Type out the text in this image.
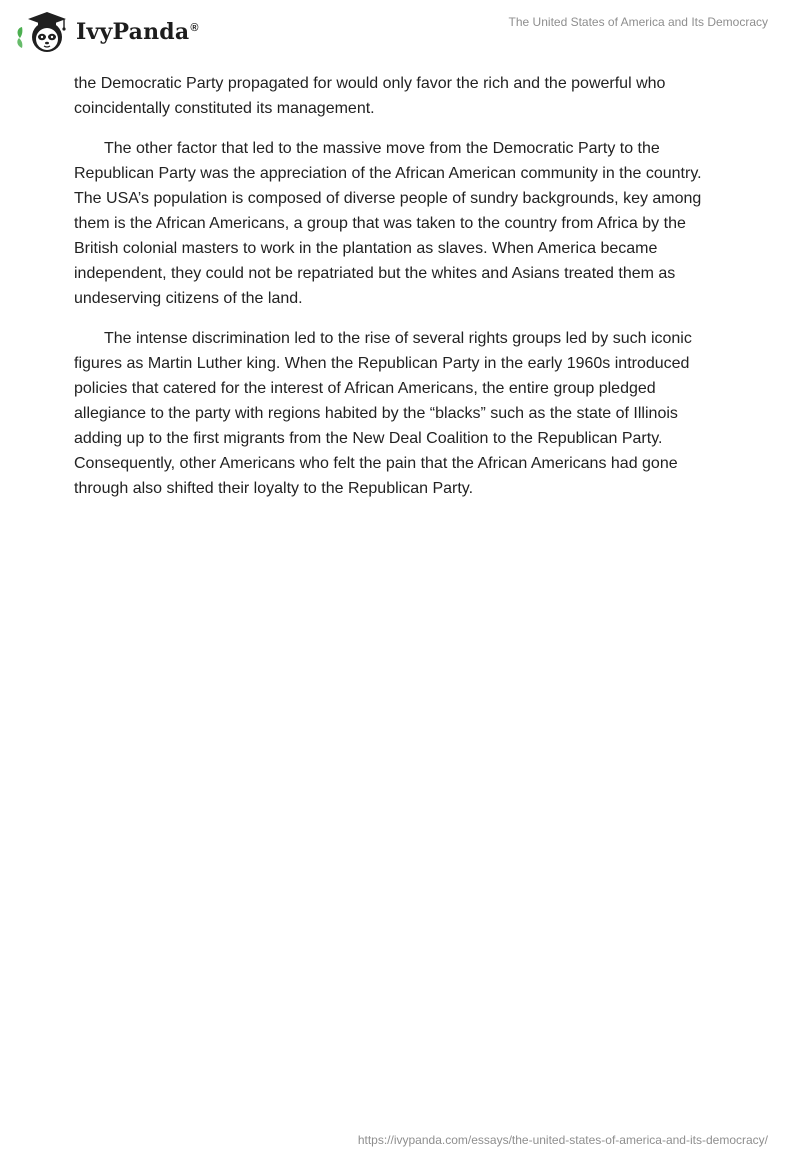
IvyPanda®	The United States of America and Its Democracy

the Democratic Party propagated for would only favor the rich and the powerful who coincidentally constituted its management.

The other factor that led to the massive move from the Democratic Party to the Republican Party was the appreciation of the African American community in the country. The USA’s population is composed of diverse people of sundry backgrounds, key among them is the African Americans, a group that was taken to the country from Africa by the British colonial masters to work in the plantation as slaves. When America became independent, they could not be repatriated but the whites and Asians treated them as undeserving citizens of the land.

The intense discrimination led to the rise of several rights groups led by such iconic figures as Martin Luther king. When the Republican Party in the early 1960s introduced policies that catered for the interest of African Americans, the entire group pledged allegiance to the party with regions habited by the “blacks” such as the state of Illinois adding up to the first migrants from the New Deal Coalition to the Republican Party. Consequently, other Americans who felt the pain that the African Americans had gone through also shifted their loyalty to the Republican Party.

https://ivypanda.com/essays/the-united-states-of-america-and-its-democracy/
